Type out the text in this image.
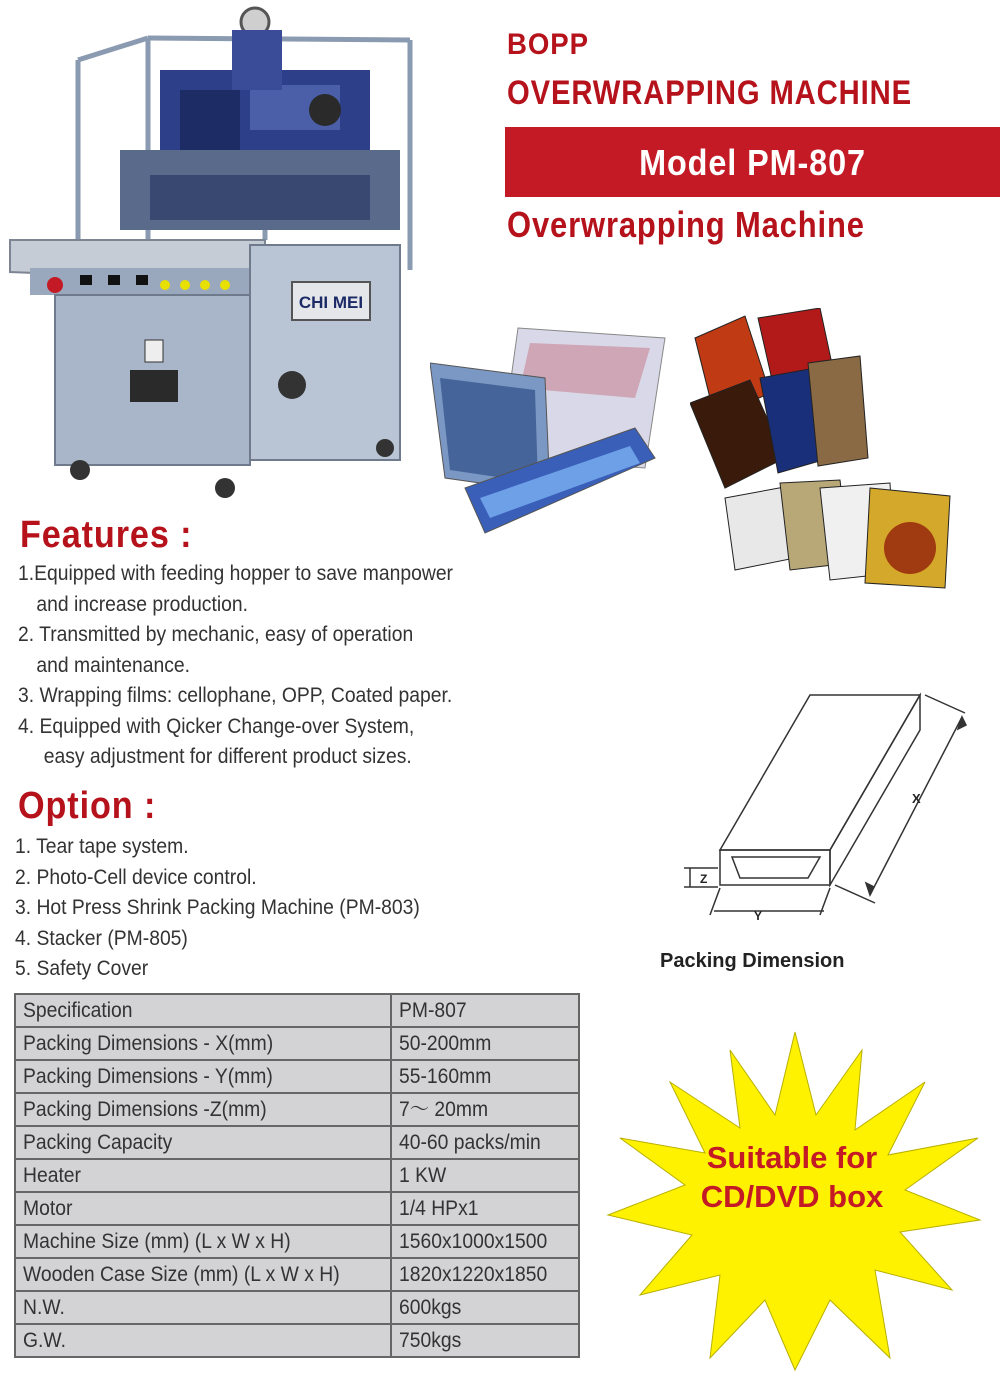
CHI MEI
BOPP
OVERWRAPPING MACHINE
Model PM-807
Overwrapping Machine
Features :
1.Equipped with feeding hopper to save manpower
and increase production.
2. Transmitted by mechanic, easy of operation
and maintenance.
3. Wrapping films: cellophane, OPP, Coated paper.
4. Equipped with Qicker Change-over System,
easy adjustment for different product sizes.
Option :
1. Tear tape system.
2. Photo-Cell device control.
3. Hot Press Shrink Packing Machine (PM-803)
4. Stacker (PM-805)
5. Safety Cover
Specification	PM-807
Packing Dimensions - X(mm)	50-200mm
Packing Dimensions - Y(mm)	55-160mm
Packing Dimensions -Z(mm)	7～ 20mm
Packing Capacity	40-60 packs/min
Heater	1 KW
Motor	1/4 HPx1
Machine Size (mm) (L x W x H)	1560x1000x1500
Wooden Case Size (mm) (L x W x H)	1820x1220x1850
N.W.	600kgs
G.W.	750kgs
X
Y
Z
Packing Dimension
Suitable for
CD/DVD box
